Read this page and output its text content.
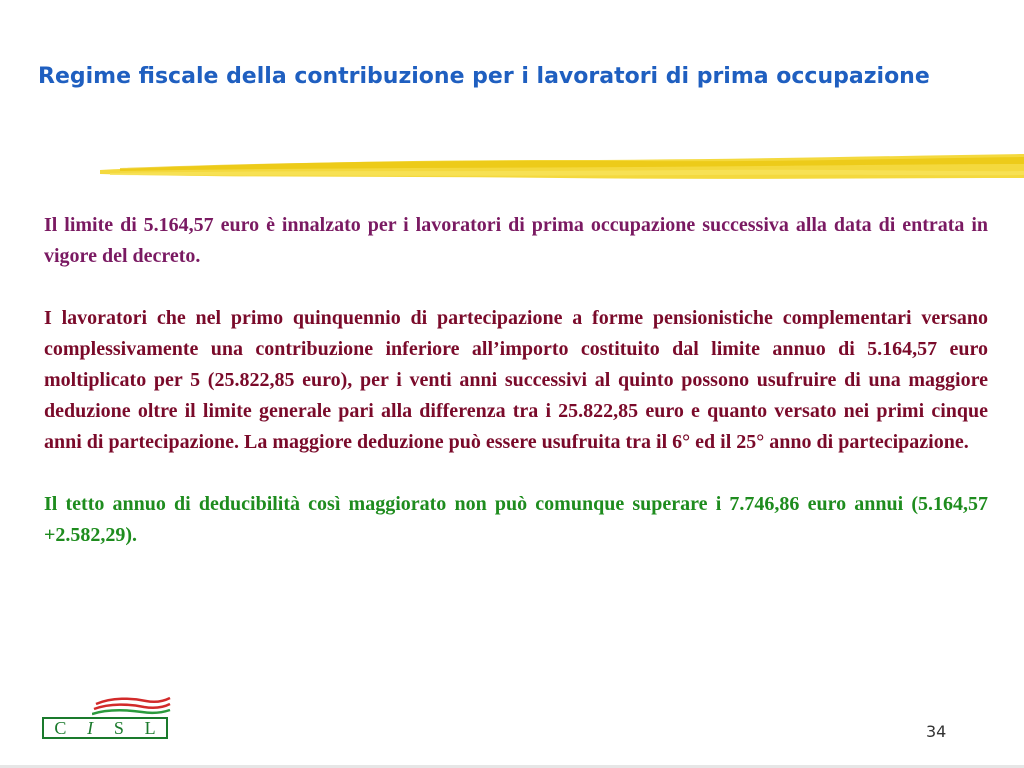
Regime fiscale della contribuzione per i lavoratori di prima occupazione

Il limite di 5.164,57 euro è innalzato per i lavoratori di prima occupazione successiva alla data di entrata in vigore del decreto.

I lavoratori che nel primo quinquennio di partecipazione a forme pensionistiche complementari versano complessivamente una contribuzione inferiore all’importo costituito dal limite annuo di 5.164,57 euro moltiplicato per 5 (25.822,85 euro), per i venti anni successivi al quinto possono usufruire di una maggiore deduzione oltre il limite generale pari alla differenza tra i 25.822,85 euro e quanto versato nei primi cinque anni di partecipazione. La maggiore deduzione può essere usufruita tra il 6° ed il 25° anno di partecipazione.

Il tetto annuo di deducibilità così maggiorato non può comunque superare i 7.746,86 euro annui (5.164,57 +2.582,29).

C I S L	34
